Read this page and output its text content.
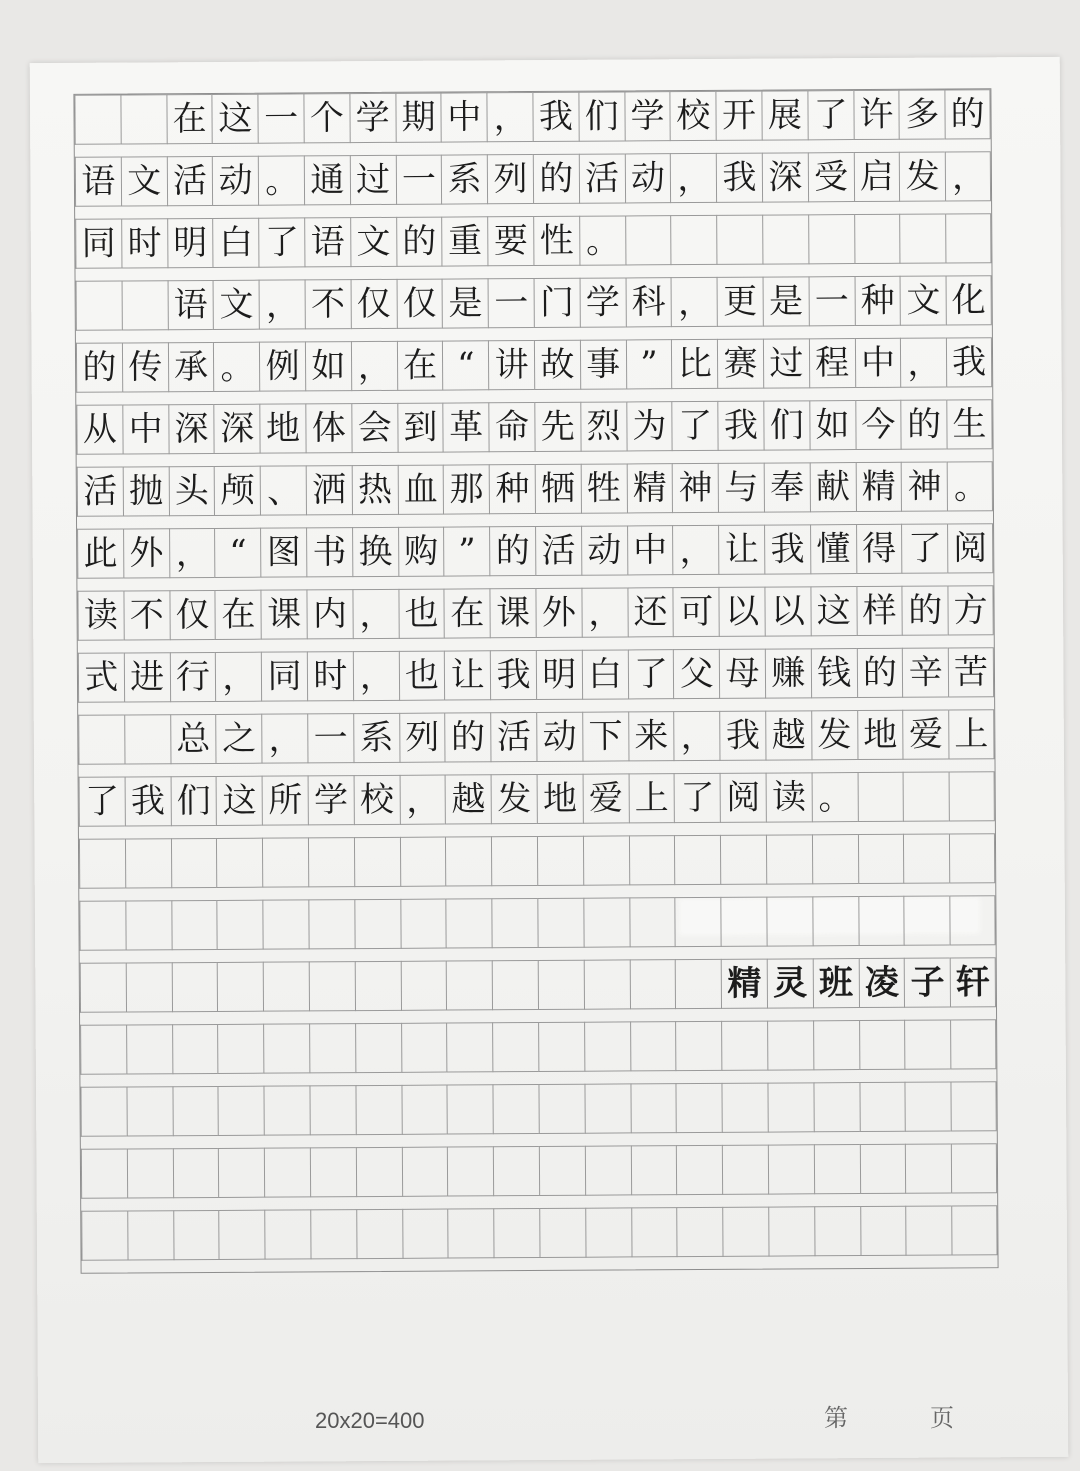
在 这 一 个 学 期 中 ， 我 们 学 校 开 展 了 许 多 的
语 文 活 动 。 通 过 一 系 列 的 活 动 ， 我 深 受 启 发 ，
同 时 明 白 了 语 文 的 重 要 性 。
语 文 ， 不 仅 仅 是 一 门 学 科 ， 更 是 一 种 文 化
的 传 承 。 例 如 ， 在 “ 讲 故 事 ” 比 赛 过 程 中 ， 我
从 中 深 深 地 体 会 到 革 命 先 烈 为 了 我 们 如 今 的 生
活 抛 头 颅 、 洒 热 血 那 种 牺 牲 精 神 与 奉 献 精 神 。
此 外 ， “ 图 书 换 购 ” 的 活 动 中 ， 让 我 懂 得 了 阅
读 不 仅 在 课 内 ， 也 在 课 外 ， 还 可 以 以 这 样 的 方
式 进 行 ， 同 时 ， 也 让 我 明 白 了 父 母 赚 钱 的 辛 苦
总 之 ， 一 系 列 的 活 动 下 来 ， 我 越 发 地 爱 上
了 我 们 这 所 学 校 ， 越 发 地 爱 上 了 阅 读 。
精 灵 班 凌 子 轩
20x20=400	第	页
